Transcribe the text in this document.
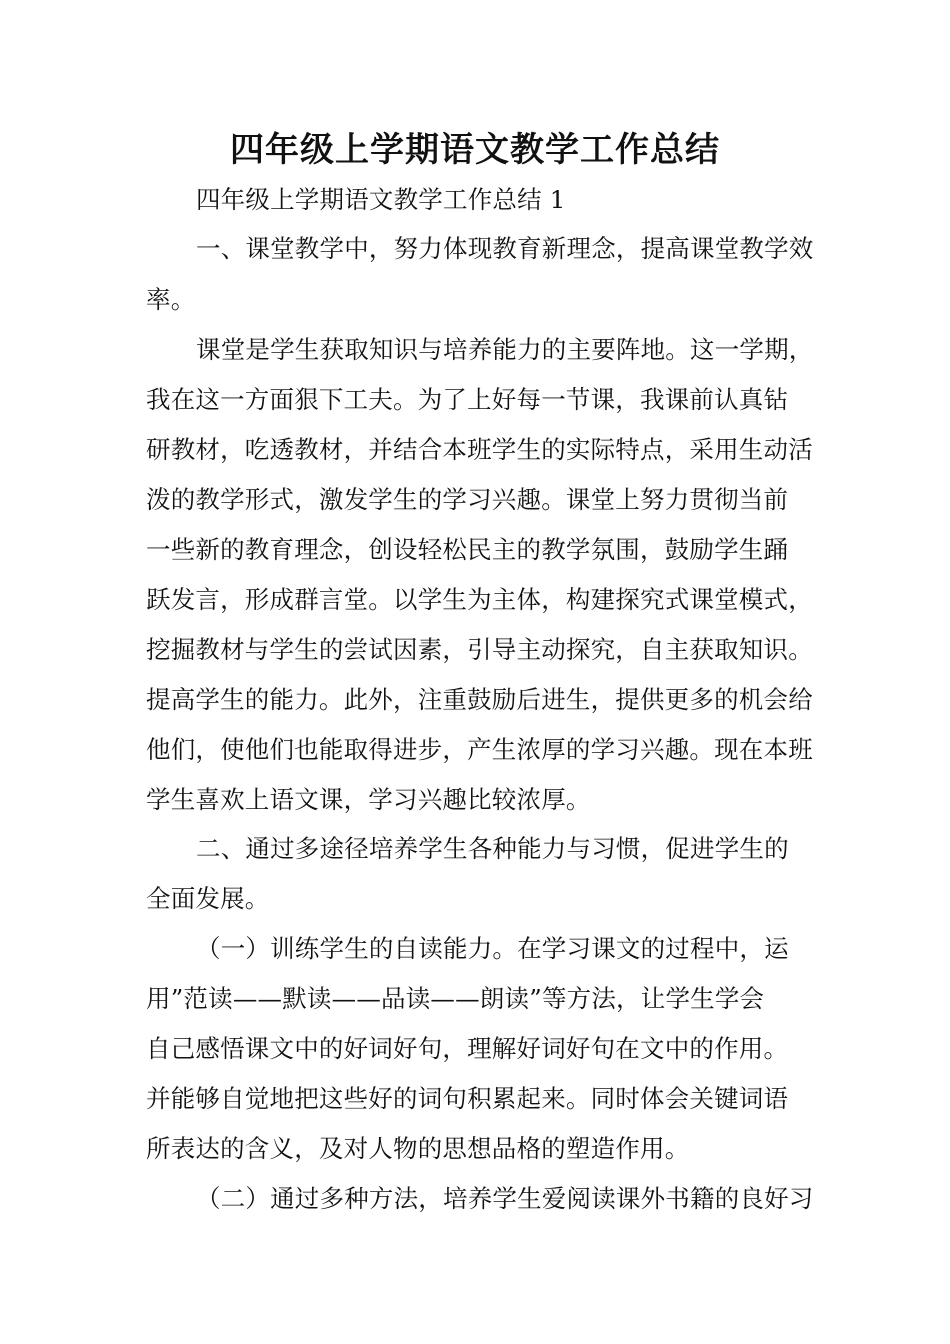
四年级上学期语文教学工作总结
四年级上学期语文教学工作总结 1
一、课堂教学中，努力体现教育新理念，提高课堂教学效
率。
课堂是学生获取知识与培养能力的主要阵地。这一学期，
我在这一方面狠下工夫。为了上好每一节课，我课前认真钻
研教材，吃透教材，并结合本班学生的实际特点，采用生动活
泼的教学形式，激发学生的学习兴趣。课堂上努力贯彻当前
一些新的教育理念，创设轻松民主的教学氛围，鼓励学生踊
跃发言，形成群言堂。以学生为主体，构建探究式课堂模式，
挖掘教材与学生的尝试因素，引导主动探究，自主获取知识。
提高学生的能力。此外，注重鼓励后进生，提供更多的机会给
他们，使他们也能取得进步，产生浓厚的学习兴趣。现在本班
学生喜欢上语文课，学习兴趣比较浓厚。
二、通过多途径培养学生各种能力与习惯，促进学生的
全面发展。
（一）训练学生的自读能力。在学习课文的过程中，运
用”范读——默读——品读——朗读”等方法，让学生学会
自己感悟课文中的好词好句，理解好词好句在文中的作用。
并能够自觉地把这些好的词句积累起来。同时体会关键词语
所表达的含义，及对人物的思想品格的塑造作用。
（二）通过多种方法，培养学生爱阅读课外书籍的良好习
